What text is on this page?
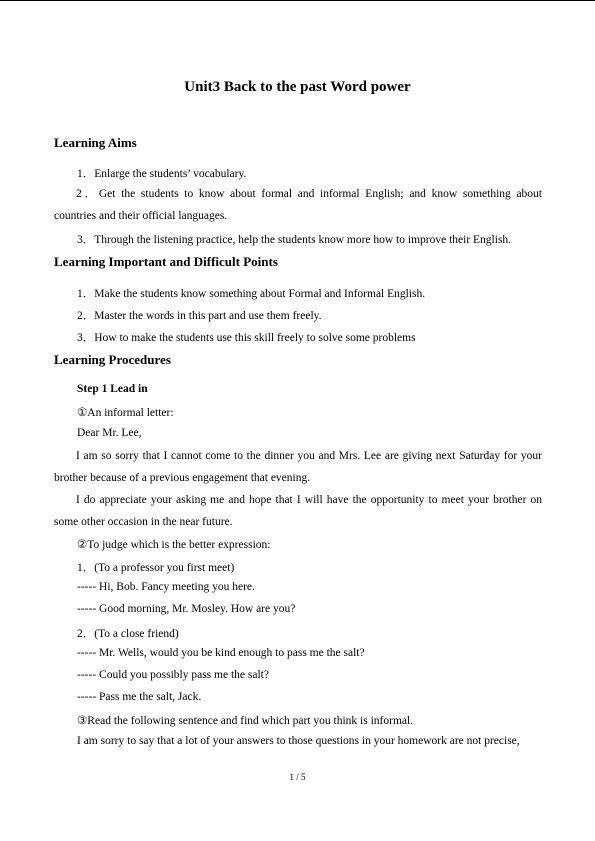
Unit3 Back to the past Word power
Learning Aims
1．Enlarge the students’ vocabulary.
2．Get the students to know about formal and informal English; and know something about countries and their official languages.
3．Through the listening practice, help the students know more how to improve their English.
Learning Important and Difficult Points
1．Make the students know something about Formal and Informal English.
2．Master the words in this part and use them freely.
3．How to make the students use this skill freely to solve some problems
Learning Procedures
Step 1 Lead in
①An informal letter:
Dear Mr. Lee,
I am so sorry that I cannot come to the dinner you and Mrs. Lee are giving next Saturday for your brother because of a previous engagement that evening.
I do appreciate your asking me and hope that I will have the opportunity to meet your brother on some other occasion in the near future.
②To judge which is the better expression:
1．(To a professor you first meet)
----- Hi, Bob. Fancy meeting you here.
----- Good morning, Mr. Mosley. How are you?
2．(To a close friend)
----- Mr. Wells, would you be kind enough to pass me the salt?
----- Could you possibly pass me the salt?
----- Pass me the salt, Jack.
③Read the following sentence and find which part you think is informal.
I am sorry to say that a lot of your answers to those questions in your homework are not precise,
1 / 5
